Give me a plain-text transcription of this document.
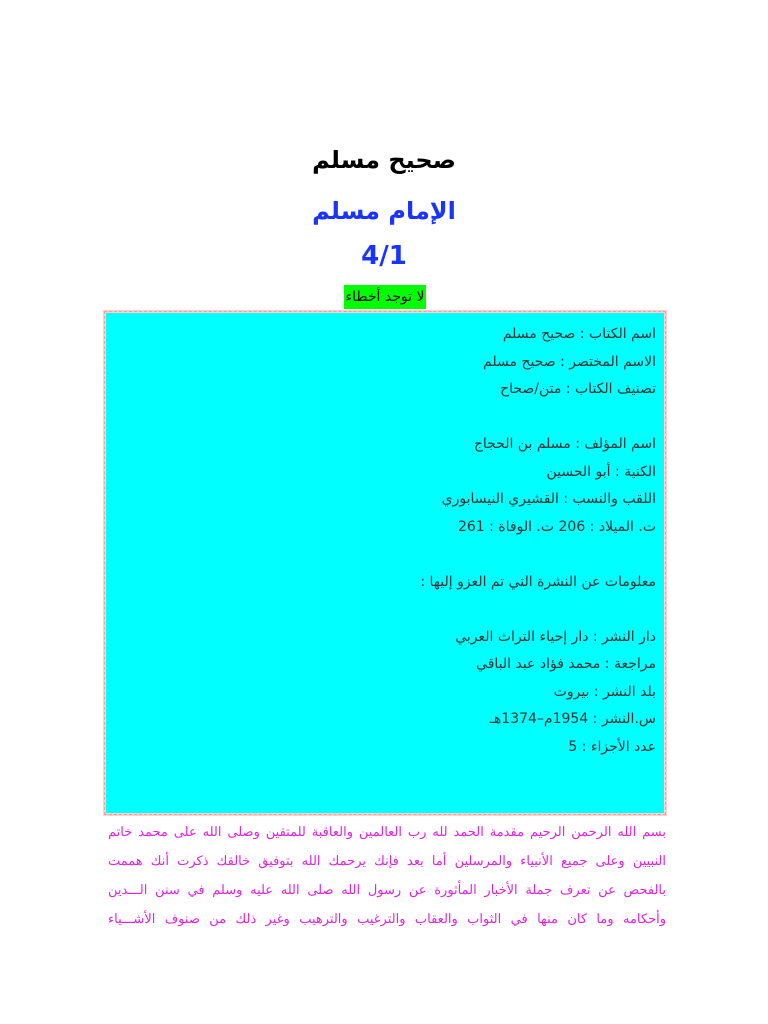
صحيح مسلم
الإمام مسلم
4/1
لا توجد أخطاء
اسم الكتاب : صحيح مسلم
الاسم المختصر : صحيح مسلم
تصنيف الكتاب : متن/صحاح
اسم المؤلف : مسلم بن الحجاج
الكنية : أبو الحسين
اللقب والنسب : القشيري النيسابوري
ت. الميلاد : 206 ت. الوفاة : 261
معلومات عن النشرة التي تم العزو إليها :
دار النشر : دار إحياء التراث العربي
مراجعة : محمد فؤاد عبد الباقي
بلد النشر : بيروت
س.النشر : 1954م–1374هـ
عدد الأجزاء : 5
بسم الله الرحمن الرحيم مقدمة الحمد لله رب العالمين والعاقبة للمتقين وصلى الله على محمد خاتم
النبيين وعلى جميع الأنبياء والمرسلين أما بعد فإنك يرحمك الله بتوفيق خالقك ذكرت أنك هممت
بالفحص عن تعرف جملة الأخبار المأثورة عن رسول الله صلى الله عليه وسلم في سنن الـــدين
وأحكامه وما كان منها في الثواب والعقاب والترغيب والترهيب وغير ذلك من صنوف الأشـــياء
